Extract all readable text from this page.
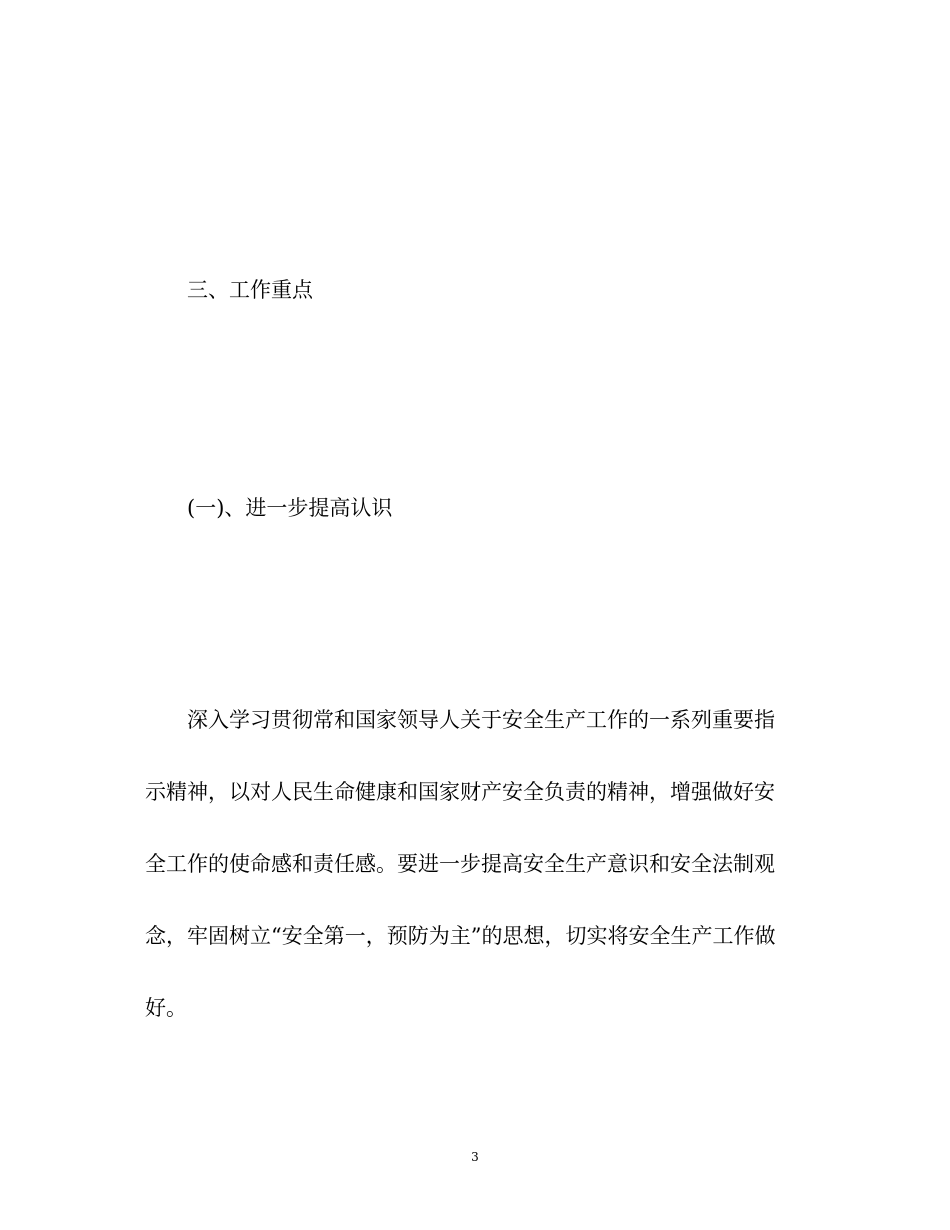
三、工作重点
(一)、进一步提高认识
深入学习贯彻常和国家领导人关于安全生产工作的一系列重要指
示精神，以对人民生命健康和国家财产安全负责的精神，增强做好安
全工作的使命感和责任感。要进一步提高安全生产意识和安全法制观
念，牢固树立“安全第一，预防为主”的思想，切实将安全生产工作做
好。
3
